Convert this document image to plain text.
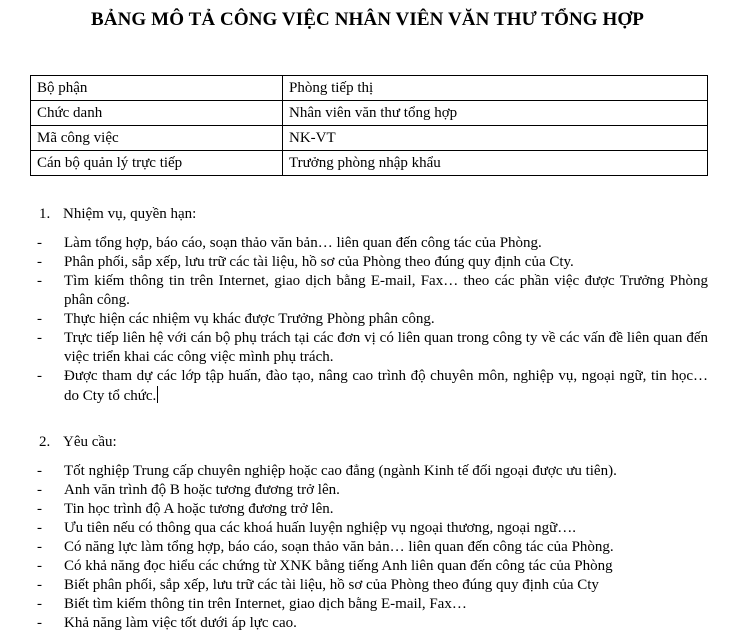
BẢNG MÔ TẢ CÔNG VIỆC NHÂN VIÊN VĂN THƯ TỔNG HỢP
Bộ phận	Phòng tiếp thị
Chức danh	Nhân viên văn thư tổng hợp
Mã công việc	NK-VT
Cán bộ quản lý trực tiếp	Trưởng phòng nhập khẩu

1. Nhiệm vụ, quyền hạn:

- Làm tổng hợp, báo cáo, soạn thảo văn bản… liên quan đến công tác của Phòng.
- Phân phối, sắp xếp, lưu trữ các tài liệu, hồ sơ của Phòng theo đúng quy định của Cty.
- Tìm kiếm thông tin trên Internet, giao dịch bằng E-mail, Fax… theo các phần việc được Trưởng Phòng phân công.
- Thực hiện các nhiệm vụ khác được Trưởng Phòng phân công.
- Trực tiếp liên hệ với cán bộ phụ trách tại các đơn vị có liên quan trong công ty về các vấn đề liên quan đến việc triển khai các công việc mình phụ trách.
- Được tham dự các lớp tập huấn, đào tạo, nâng cao trình độ chuyên môn, nghiệp vụ, ngoại ngữ, tin học… do Cty tổ chức.

2. Yêu cầu:

- Tốt nghiệp Trung cấp chuyên nghiệp hoặc cao đẳng (ngành Kinh tế đối ngoại được ưu tiên).
- Anh văn trình độ B hoặc tương đương trở lên.
- Tin học trình độ A hoặc tương đương trở lên.
- Ưu tiên nếu có thông qua các khoá huấn luyện nghiệp vụ ngoại thương, ngoại ngữ….
- Có năng lực làm tổng hợp, báo cáo, soạn thảo văn bản… liên quan đến công tác của Phòng.
- Có khả năng đọc hiểu các chứng từ XNK bằng tiếng Anh liên quan đến công tác của Phòng
- Biết phân phối, sắp xếp, lưu trữ các tài liệu, hồ sơ của Phòng theo đúng quy định của Cty
- Biết tìm kiếm thông tin trên Internet, giao dịch bằng E-mail, Fax…
- Khả năng làm việc tốt dưới áp lực cao.
